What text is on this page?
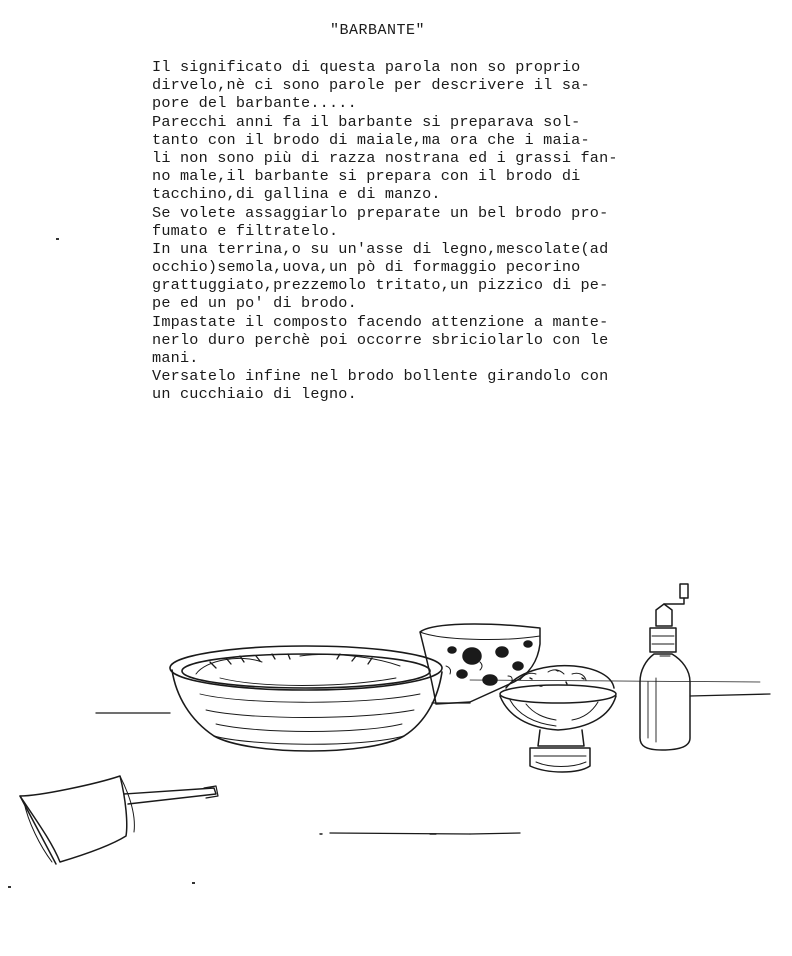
"BARBANTE"
Il significato di questa parola non so proprio
dirvelo,nè ci sono parole per descrivere il sa-
pore del barbante.....
Parecchi anni fa il barbante si preparava sol-
tanto con il brodo di maiale,ma ora che i maia-
li non sono più di razza nostrana ed i grassi fan-
no male,il barbante si prepara con il brodo di
tacchino,di gallina e di manzo.
Se volete assaggiarlo preparate un bel brodo pro-
fumato e filtratelo.
In una terrina,o su un'asse di legno,mescolate(ad
occhio)semola,uova,un pò di formaggio pecorino
grattuggiato,prezzemolo tritato,un pizzico di pe-
pe ed un po' di brodo.
Impastate il composto facendo attenzione a mante-
nerlo duro perchè poi occorre sbriciolarlo con le
mani.
Versatelo infine nel brodo bollente girandolo con
un cucchiaio di legno.
